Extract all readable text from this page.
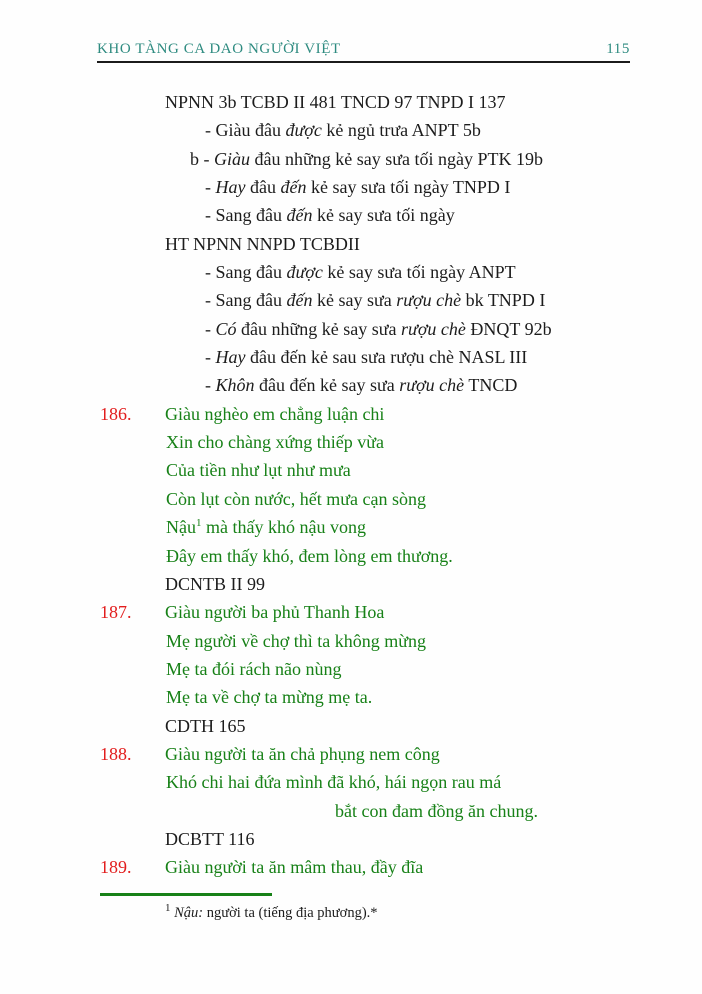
KHO TÀNG CA DAO NGƯỜI VIỆT	115
NPNN 3b TCBD II 481 TNCD 97 TNPD I 137
- Giàu đâu được kẻ ngủ trưa ANPT 5b
b - Giàu đâu những kẻ say sưa tối ngày PTK 19b
- Hay đâu đến kẻ say sưa tối ngày TNPD I
- Sang đâu đến kẻ say sưa tối ngày
HT NPNN NNPD TCBDII
- Sang đâu được kẻ say sưa tối ngày ANPT
- Sang đâu đến kẻ say sưa rượu chè bk TNPD I
- Có đâu những kẻ say sưa rượu chè ĐNQT 92b
- Hay đâu đến kẻ sau sưa rượu chè NASL III
- Khôn đâu đến kẻ say sưa rượu chè TNCD
186. Giàu nghèo em chẳng luận chi
Xin cho chàng xứng thiếp vừa
Của tiền như lụt như mưa
Còn lụt còn nước, hết mưa cạn sòng
Nậu$^1$ mà thấy khó nậu vong
Đây em thấy khó, đem lòng em thương.
DCNTB II 99
187. Giàu người ba phủ Thanh Hoa
Mẹ người về chợ thì ta không mừng
Mẹ ta đói rách não nùng
Mẹ ta về chợ ta mừng mẹ ta.
CDTH 165
188. Giàu người ta ăn chả phụng nem công
Khó chi hai đứa mình đã khó, hái ngọn rau má
bắt con đam đồng ăn chung.
DCBTT 116
189. Giàu người ta ăn mâm thau, đầy đĩa
$^1$ Nậu: người ta (tiếng địa phương).*
